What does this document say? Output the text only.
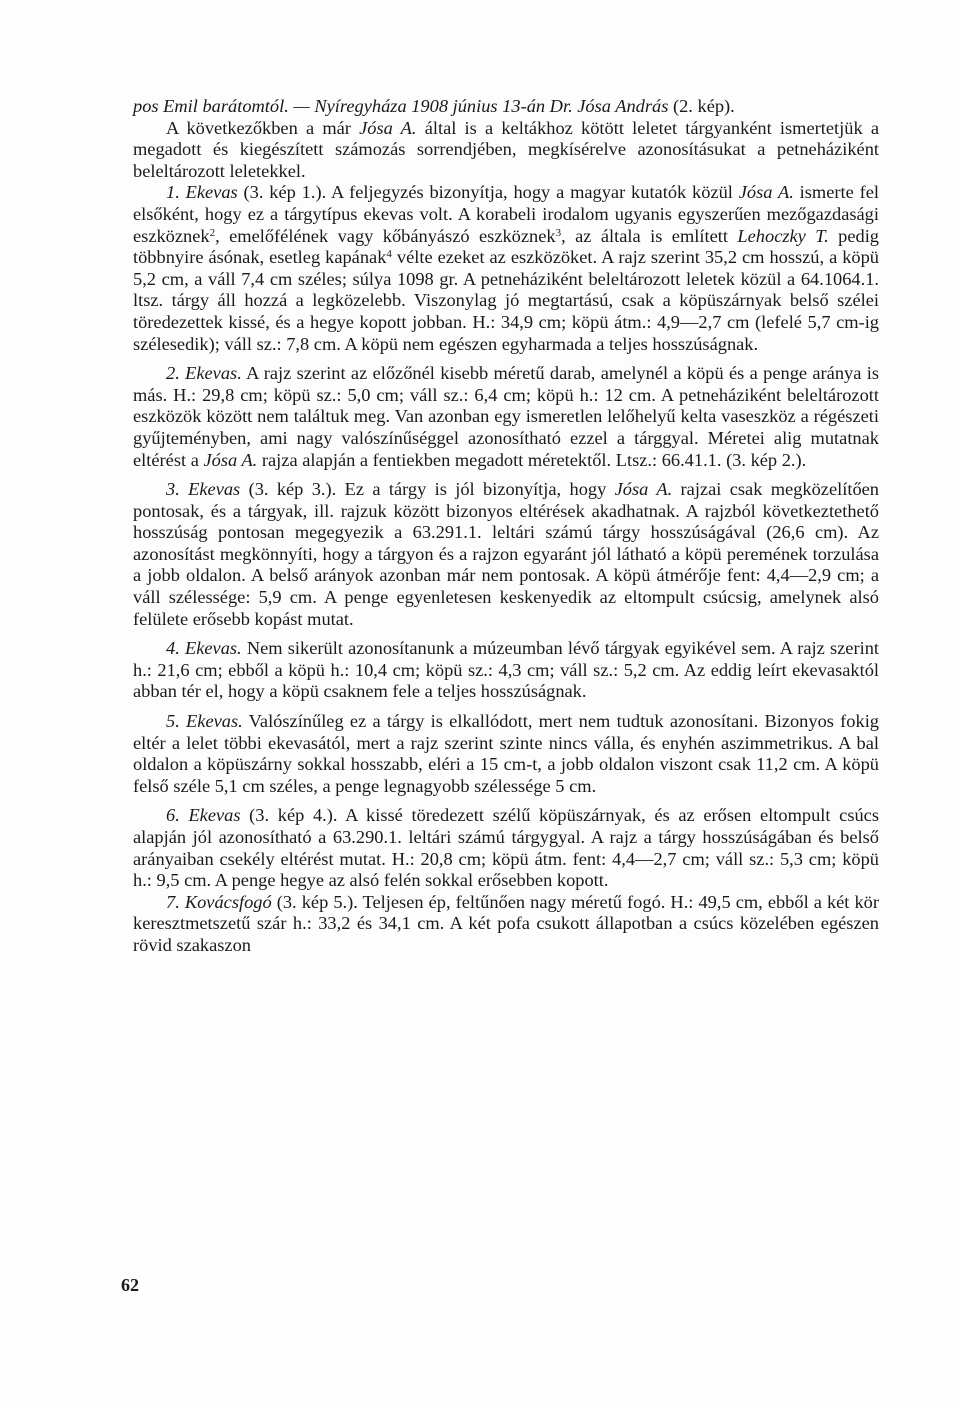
pos Emil barátomtól. — Nyíregyháza 1908 június 13-án Dr. Jósa András (2. kép).

A következőkben a már Jósa A. által is a keltákhoz kötött leletet tárgyanként ismertetjük a megadott és kiegészített számozás sorrendjében, megkísérelve azonosításukat a petneháziként beleltározott leletekkel.

1. Ekevas (3. kép 1.). A feljegyzés bizonyítja, hogy a magyar kutatók közül Jósa A. ismerte fel elsőként, hogy ez a tárgytípus ekevas volt. A korabeli irodalom ugyanis egyszerűen mezőgazdasági eszköznek$^2$, emelőfélének vagy kőbányászó eszköznek$^3$, az általa is említett Lehoczky T. pedig többnyire ásónak, esetleg kapának$^4$ vélte ezeket az eszközöket. A rajz szerint 35,2 cm hosszú, a köpü 5,2 cm, a váll 7,4 cm széles; súlya 1098 gr. A petneháziként beleltározott leletek közül a 64.1064.1. ltsz. tárgy áll hozzá a legközelebb. Viszonylag jó megtartású, csak a köpüszárnyak belső szélei töredezettek kissé, és a hegye kopott jobban. H.: 34,9 cm; köpü átm.: 4,9—2,7 cm (lefelé 5,7 cm-ig szélesedik); váll sz.: 7,8 cm. A köpü nem egészen egyharmada a teljes hosszúságnak.

2. Ekevas. A rajz szerint az előzőnél kisebb méretű darab, amelynél a köpü és a penge aránya is más. H.: 29,8 cm; köpü sz.: 5,0 cm; váll sz.: 6,4 cm; köpü h.: 12 cm. A petneháziként beleltározott eszközök között nem találtuk meg. Van azonban egy ismeretlen lelőhelyű kelta vaseszköz a régészeti gyűjteményben, ami nagy valószínűséggel azonosítható ezzel a tárggyal. Méretei alig mutatnak eltérést a Jósa A. rajza alapján a fentiekben megadott méretektől. Ltsz.: 66.41.1. (3. kép 2.).

3. Ekevas (3. kép 3.). Ez a tárgy is jól bizonyítja, hogy Jósa A. rajzai csak megközelítően pontosak, és a tárgyak, ill. rajzuk között bizonyos eltérések akadhatnak. A rajzból következtethető hosszúság pontosan megegyezik a 63.291.1. leltári számú tárgy hosszúságával (26,6 cm). Az azonosítást megkönnyíti, hogy a tárgyon és a rajzon egyaránt jól látható a köpü peremének torzulása a jobb oldalon. A belső arányok azonban már nem pontosak. A köpü átmérője fent: 4,4—2,9 cm; a váll szélessége: 5,9 cm. A penge egyenletesen keskenyedik az eltompult csúcsig, amelynek alsó felülete erősebb kopást mutat.

4. Ekevas. Nem sikerült azonosítanunk a múzeumban lévő tárgyak egyikével sem. A rajz szerint h.: 21,6 cm; ebből a köpü h.: 10,4 cm; köpü sz.: 4,3 cm; váll sz.: 5,2 cm. Az eddig leírt ekevasaktól abban tér el, hogy a köpü csaknem fele a teljes hosszúságnak.

5. Ekevas. Valószínűleg ez a tárgy is elkallódott, mert nem tudtuk azonosítani. Bizonyos fokig eltér a lelet többi ekevasától, mert a rajz szerint szinte nincs válla, és enyhén aszimmetrikus. A bal oldalon a köpüszárny sokkal hosszabb, eléri a 15 cm-t, a jobb oldalon viszont csak 11,2 cm. A köpü felső széle 5,1 cm széles, a penge legnagyobb szélessége 5 cm.

6. Ekevas (3. kép 4.). A kissé töredezett szélű köpüszárnyak, és az erősen eltompult csúcs alapján jól azonosítható a 63.290.1. leltári számú tárgygyal. A rajz a tárgy hosszúságában és belső arányaiban csekély eltérést mutat. H.: 20,8 cm; köpü átm. fent: 4,4—2,7 cm; váll sz.: 5,3 cm; köpü h.: 9,5 cm. A penge hegye az alsó felén sokkal erősebben kopott.

7. Kovácsfogó (3. kép 5.). Teljesen ép, feltűnően nagy méretű fogó. H.: 49,5 cm, ebből a két kör keresztmetszetű szár h.: 33,2 és 34,1 cm. A két pofa csukott állapotban a csúcs közelében egészen rövid szakaszon

62
